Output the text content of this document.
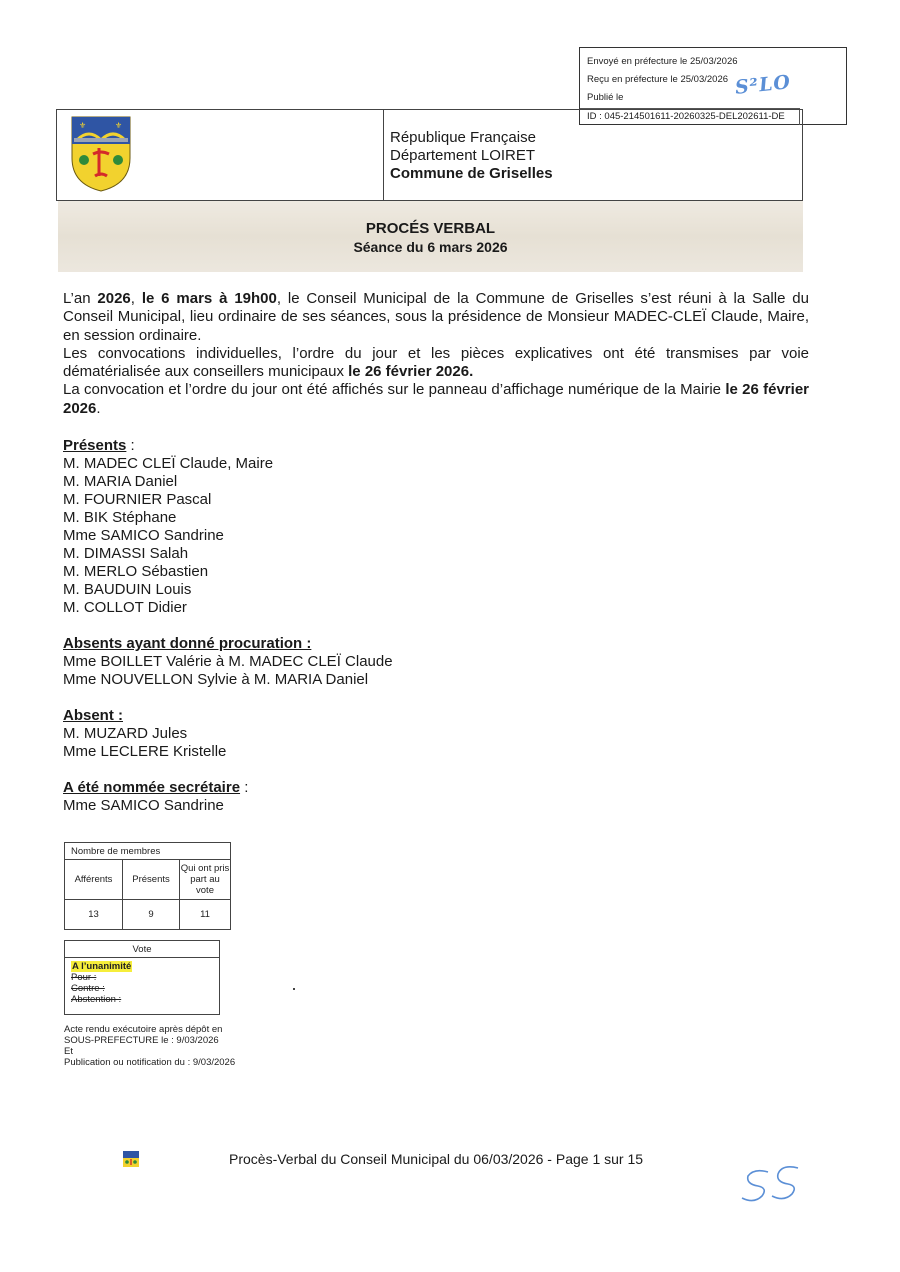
Envoyé en préfecture le 25/03/2026
Reçu en préfecture le 25/03/2026
Publié le	S²LO
ID : 045-214501611-20260325-DEL202611-DE
⚜	⚜
République Française
Département LOIRET
Commune de Griselles
PROCÉS VERBAL
Séance du 6 mars 2026

L’an 2026, le 6 mars à 19h00, le Conseil Municipal de la Commune de Griselles s’est réuni à la Salle du Conseil Municipal, lieu ordinaire de ses séances, sous la présidence de Monsieur MADEC-CLEÏ Claude, Maire, en session ordinaire.

Les convocations individuelles, l’ordre du jour et les pièces explicatives ont été transmises par voie dématérialisée aux conseillers municipaux le 26 février 2026.

La convocation et l’ordre du jour ont été affichés sur le panneau d’affichage numérique de la Mairie le 26 février 2026.

Présents :
M. MADEC CLEÏ Claude, Maire
M. MARIA Daniel
M. FOURNIER Pascal
M. BIK Stéphane
Mme SAMICO Sandrine
M. DIMASSI Salah
M. MERLO Sébastien
M. BAUDUIN Louis
M. COLLOT Didier
Absents ayant donné procuration :
Mme BOILLET Valérie à M. MADEC CLEÏ Claude
Mme NOUVELLON Sylvie à M. MARIA Daniel
Absent :
M. MUZARD Jules
Mme LECLERE Kristelle
A été nommée secrétaire :
Mme SAMICO Sandrine
Nombre de membres		
Afférents	Présents	Qui ont pris part au vote
13	9	11
Vote

A l’unanimité
Pour :
Contre :
Abstention :
Acte rendu exécutoire après dépôt en
SOUS-PREFECTURE le : 9/03/2026
Et
Publication ou notification du : 9/03/2026
Procès-Verbal du Conseil Municipal du 06/03/2026 - Page 1 sur 15
